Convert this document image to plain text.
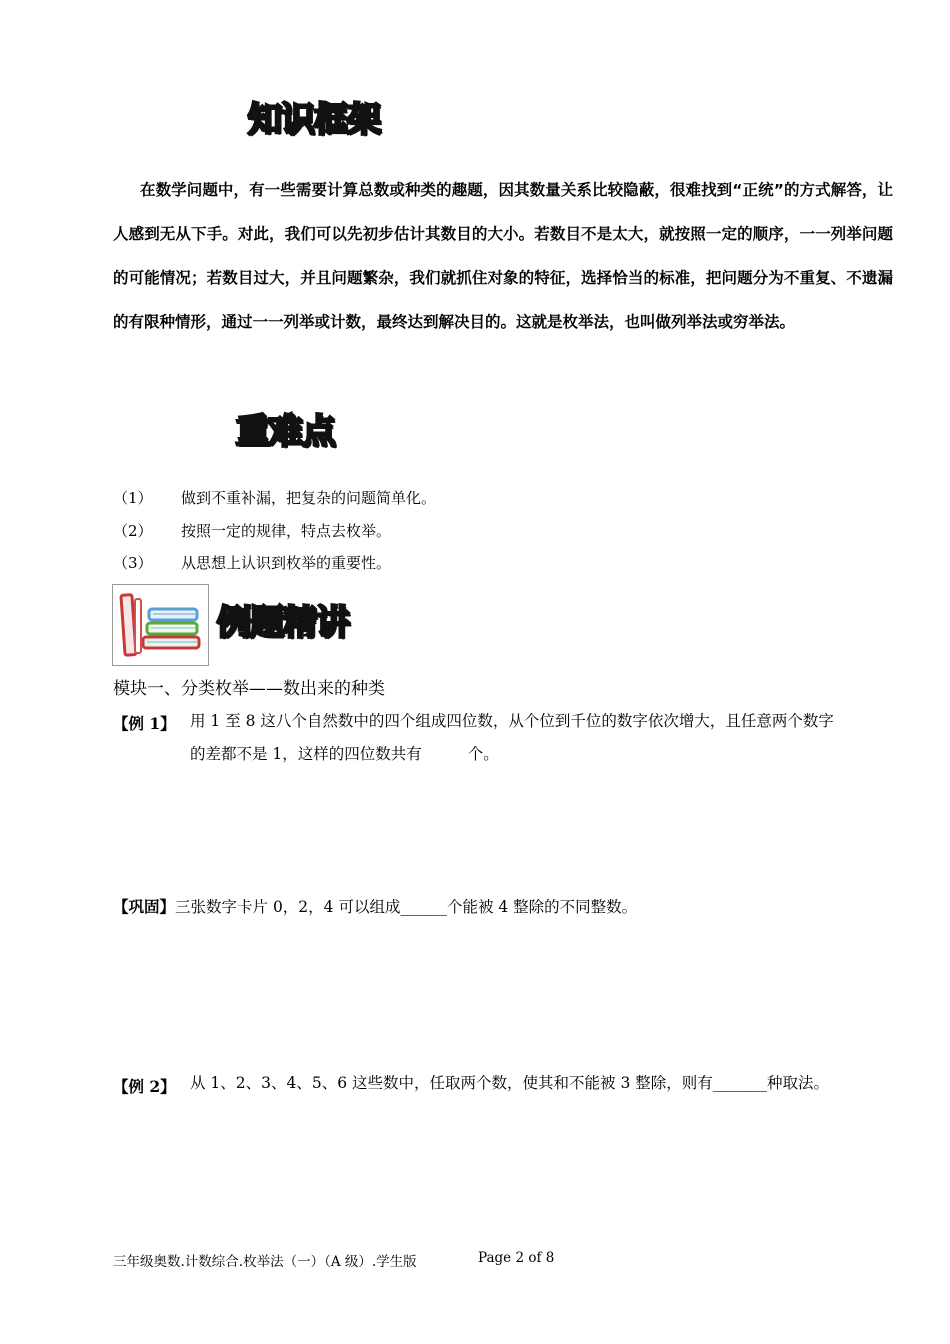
知识框架

在数学问题中，有一些需要计算总数或种类的趣题，因其数量关系比较隐蔽，很难找到“正统”的方式解答，让人感到无从下手。对此，我们可以先初步估计其数目的大小。若数目不是太大，就按照一定的顺序，一一列举问题的可能情况；若数目过大，并且问题繁杂，我们就抓住对象的特征，选择恰当的标准，把问题分为不重复、不遗漏的有限种情形，通过一一列举或计数，最终达到解决目的。这就是枚举法，也叫做列举法或穷举法。

重难点
（1） 做到不重补漏，把复杂的问题简单化。
（2） 按照一定的规律，特点去枚举。
（3） 从思想上认识到枚举的重要性。
例题精讲
模块一、分类枚举——数出来的种类
【例 1】 用 1 至 8 这八个自然数中的四个组成四位数，从个位到千位的数字依次增大，且任意两个数字
的差都不是 1，这样的四位数共有	个。
【巩固】三张数字卡片 0，2，4 可以组成______个能被 4 整除的不同整数。
【例 2】 从 1、2、3、4、5、6 这些数中，任取两个数，使其和不能被 3 整除，则有_______种取法。
三年级奥数.计数综合.枚举法（一）（A 级）.学生版	Page 2 of 8
